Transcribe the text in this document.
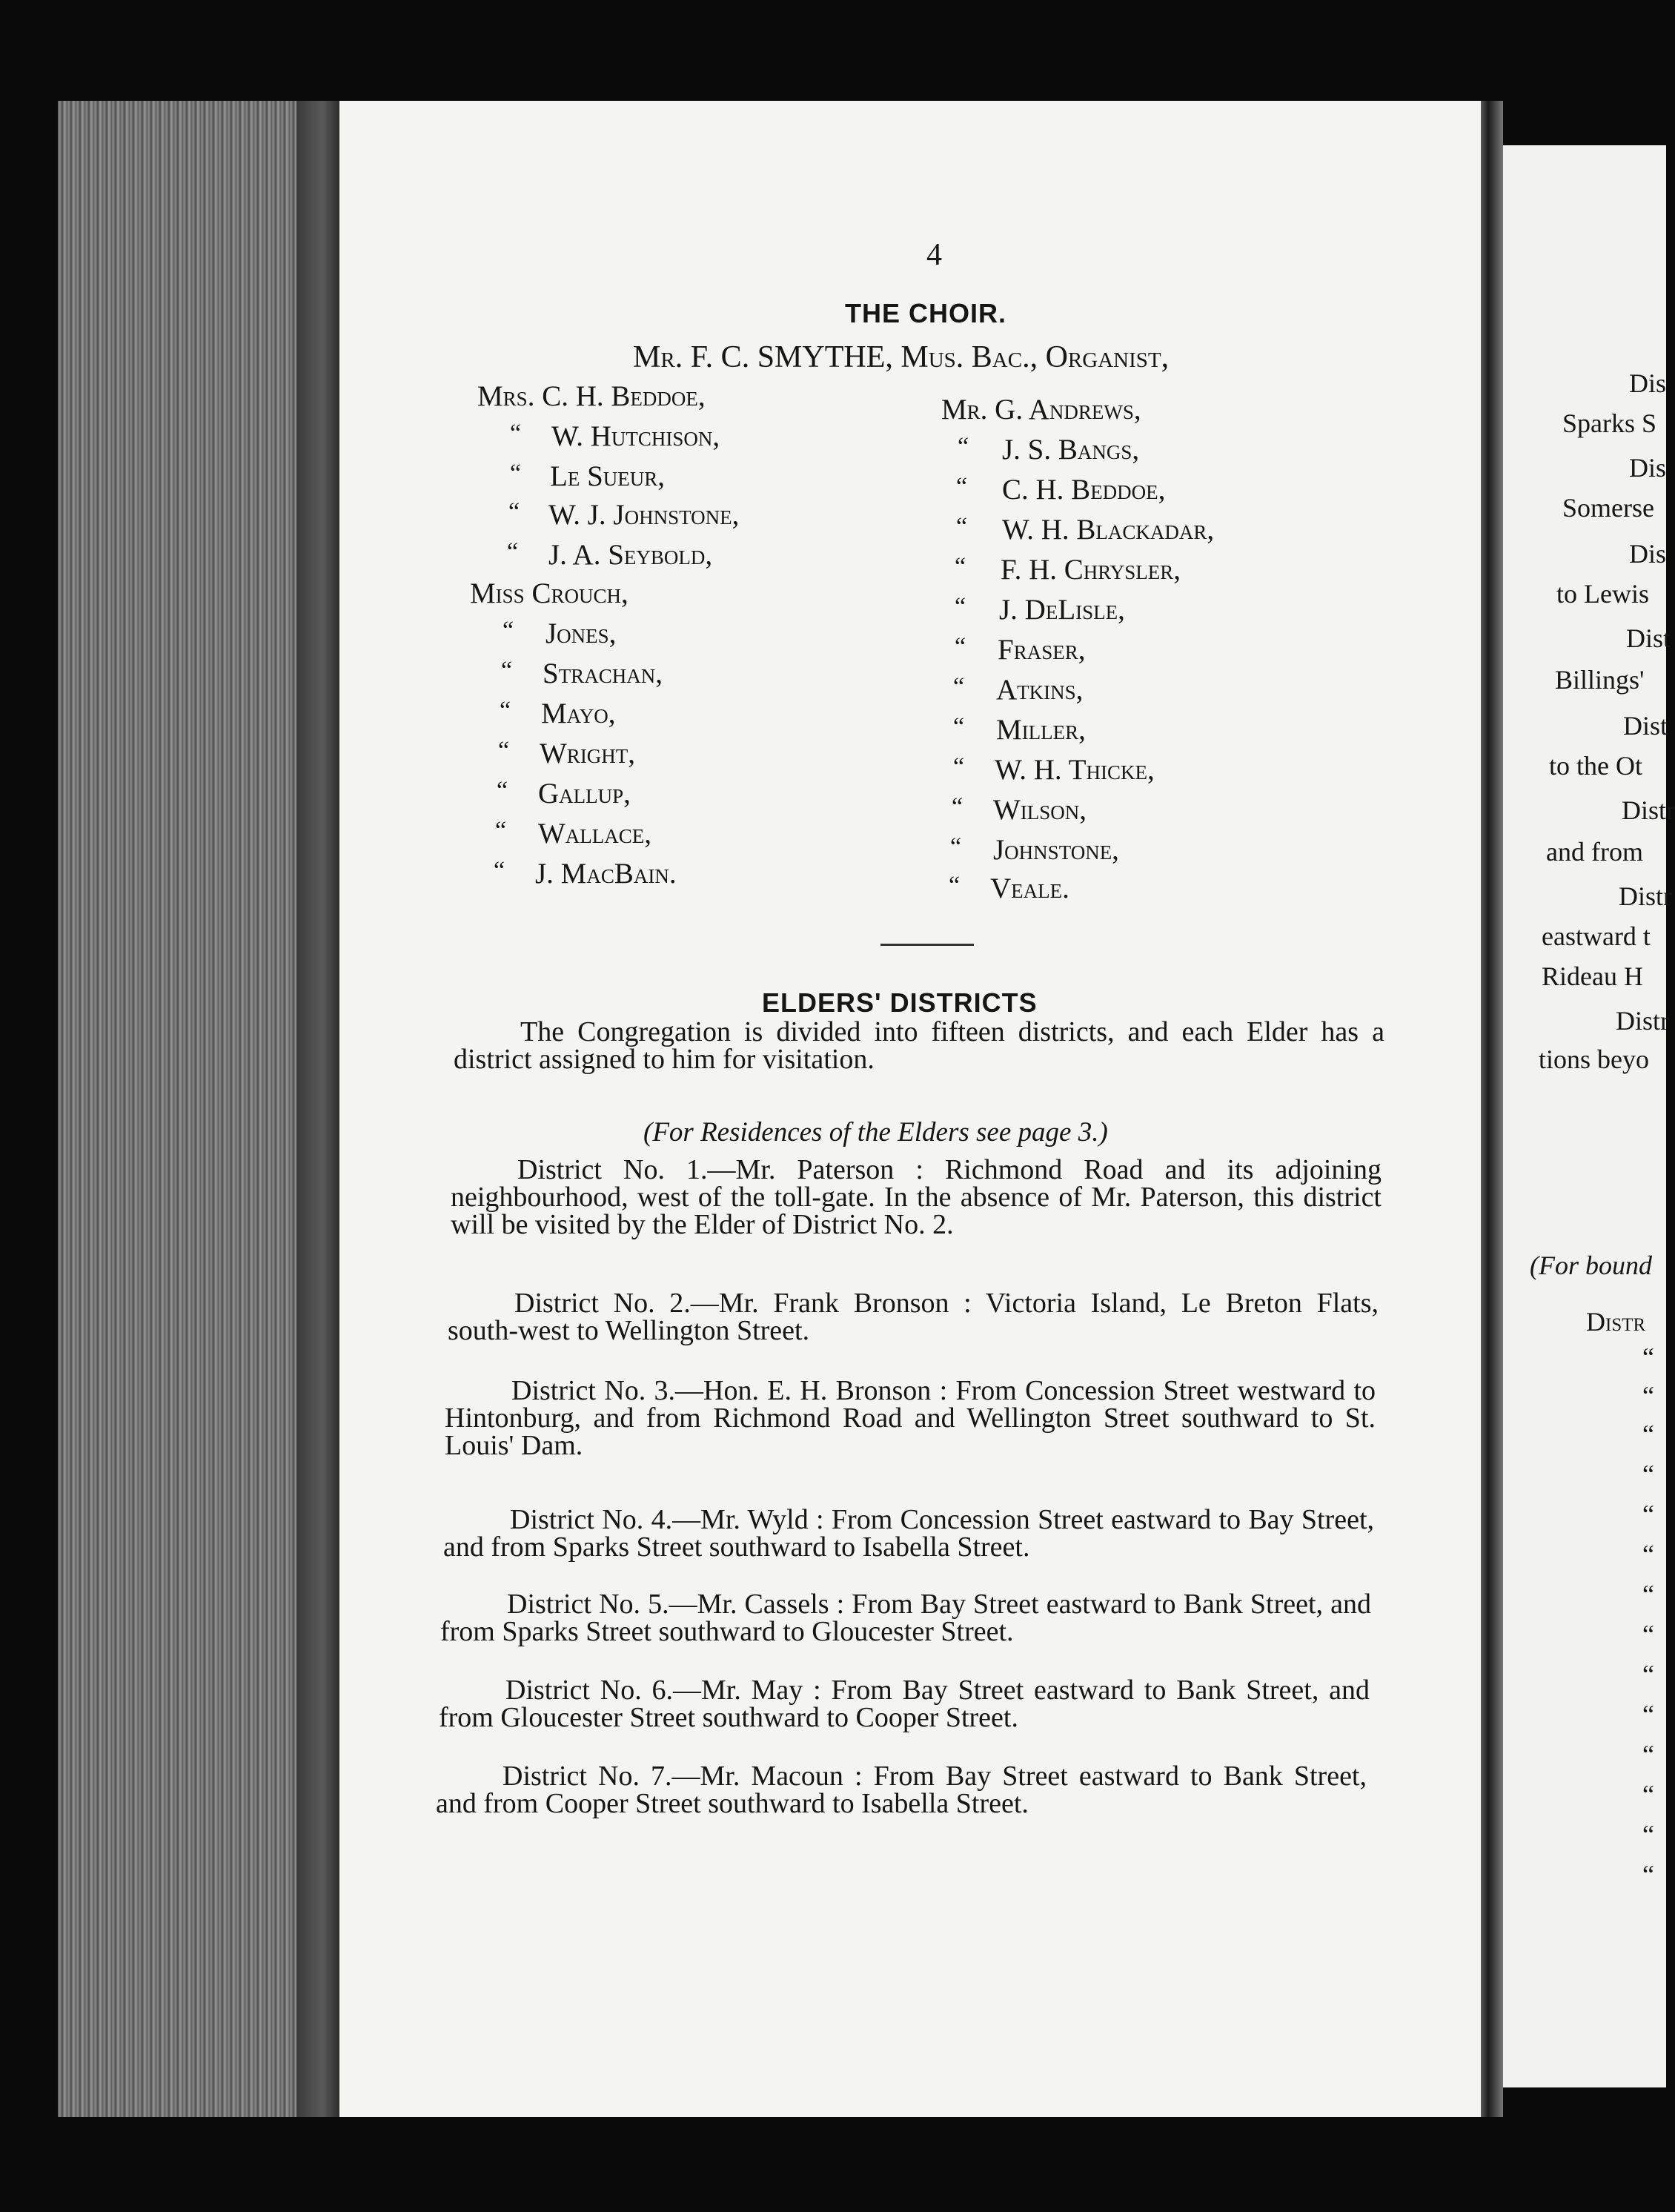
Dis
Sparks S
Dis
Somerse
Dis
to Lewis
Dist
Billings'
Dist
to the Ot
Distr
and from
Distr
eastward t
Rideau H
Distr
tions beyo
(For bound
Distr
“
“
“
“
“
“
“
“
“
“
“
“
“
“
4
THE CHOIR.
Mr. F. C. SMYTHE, Mus. Bac., Organist,
Mrs. C. H. Beddoe,
“ W. Hutchison,
“ Le Sueur,
“ W. J. Johnstone,
“ J. A. Seybold,
Miss Crouch,
“ Jones,
“ Strachan,
“ Mayo,
“ Wright,
“ Gallup,
“ Wallace,
“ J. MacBain.
Mr. G. Andrews,
“ J. S. Bangs,
“ C. H. Beddoe,
“ W. H. Blackadar,
“ F. H. Chrysler,
“ J. DeLisle,
“ Fraser,
“ Atkins,
“ Miller,
“ W. H. Thicke,
“ Wilson,
“ Johnstone,
“ Veale.
ELDERS' DISTRICTS

The Congregation is divided into fifteen districts, and each Elder has a district assigned to him for visitation.

(For Residences of the Elders see page 3.)

District No. 1.—Mr. Paterson : Richmond Road and its adjoining neighbourhood, west of the toll-gate. In the absence of Mr. Paterson, this district will be visited by the Elder of District No. 2.

District No. 2.—Mr. Frank Bronson : Victoria Island, Le Breton Flats, south-west to Wellington Street.

District No. 3.—Hon. E. H. Bronson : From Concession Street westward to Hintonburg, and from Richmond Road and Wellington Street southward to St. Louis' Dam.

District No. 4.—Mr. Wyld : From Concession Street eastward to Bay Street, and from Sparks Street southward to Isabella Street.

District No. 5.—Mr. Cassels : From Bay Street eastward to Bank Street, and from Sparks Street southward to Gloucester Street.

District No. 6.—Mr. May : From Bay Street eastward to Bank Street, and from Gloucester Street southward to Cooper Street.

District No. 7.—Mr. Macoun : From Bay Street eastward to Bank Street, and from Cooper Street southward to Isabella Street.
